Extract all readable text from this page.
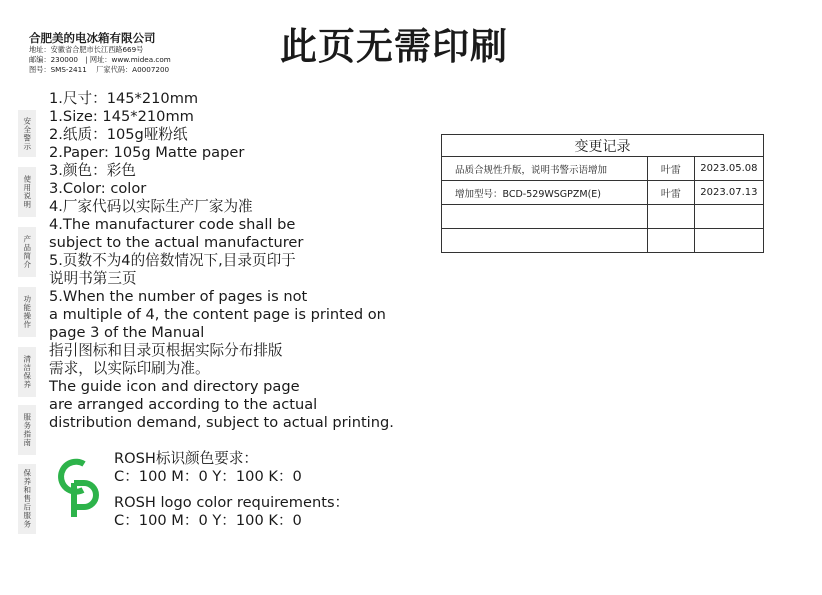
合肥美的电冰箱有限公司
地址：安徽省合肥市长江西路669号
邮编：230000　| 网址：www.midea.com
图号：SMS-2411　 厂家代码：A0007200
此页无需印刷
安全警示
使用说明
产品简介
功能操作
清洁保养
服务指南
保养和售后服务
1.尺寸：145*210mm
1.Size: 145*210mm
2.纸质：105g哑粉纸
2.Paper: 105g Matte paper
3.颜色：彩色
3.Color: color
4.厂家代码以实际生产厂家为准
4.The manufacturer code shall be
subject to the actual manufacturer
5.页数不为4的倍数情况下,目录页印于
说明书第三页
5.When the number of pages is not
a multiple of 4, the content page is printed on
page 3 of the Manual
指引图标和目录页根据实际分布排版
需求，以实际印刷为准。
The guide icon and directory page
are arranged according to the actual
distribution demand, subject to actual printing.
ROSH标识颜色要求：
C：100 M：0 Y：100 K：0
ROSH logo color requirements：
C：100 M：0 Y：100 K：0
变更记录		
品质合规性升版，说明书警示语增加	叶雷	2023.05.08
增加型号：BCD-529WSGPZM(E)	叶雷	2023.07.13
